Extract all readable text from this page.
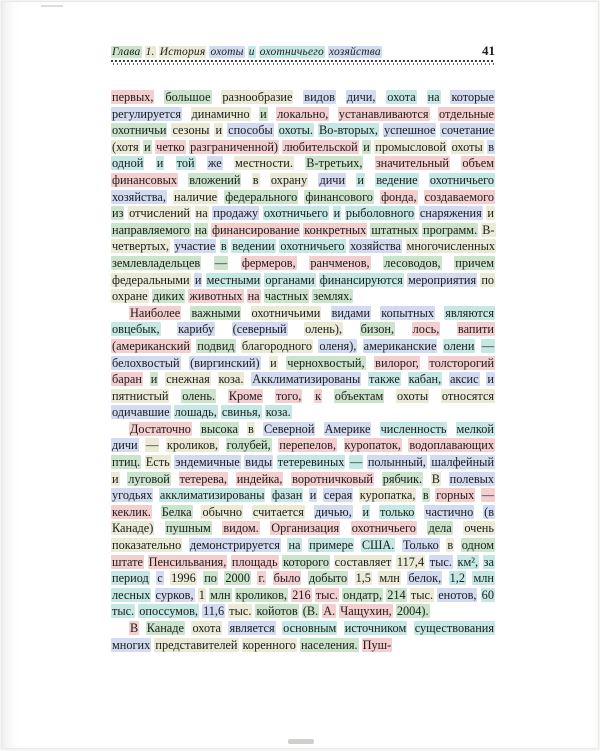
Глава 1. История охоты и охотничьего хозяйства	41

первых, большое разнообразие видов дичи, охота на которые регулируется динамично и локально, устанавливаются отдельные охотничьи сезоны и способы охоты. Во-вторых, успешное сочетание (хотя и четко разграниченной) любительской и промысловой охоты в одной и той же местности. В-третьих, значительный объем финансовых вложений в охрану дичи и ведение охотничьего хозяйства, наличие федерального финансового фонда, создаваемого из отчислений на продажу охотничьего и рыболовного снаряжения и направляемого на финансирование конкретных штатных программ. В-четвертых, участие в ведении охотничьего хозяйства многочисленных землевладельцев — фермеров, ранчменов, лесоводов, причем федеральными и местными органами финансируются мероприятия по охране диких животных на частных землях.

Наиболее важными охотничьими видами копытных являются овцебык, карибу (северный олень), бизон, лось, вапити (американский подвид благородного оленя), американские олени — белохвостый (виргинский) и чернохвостый, вилорог, толсторогий баран и снежная коза. Акклиматизированы также кабан, аксис и пятнистый олень. Кроме того, к объектам охоты относятся одичавшие лошадь, свинья, коза.

Достаточно высока в Северной Америке численность мелкой дичи — кроликов, голубей, перепелов, куропаток, водоплавающих птиц. Есть эндемичные виды тетеревиных — полынный, шалфейный и луговой тетерева, индейка, воротничковый рябчик. В полевых угодьях акклиматизированы фазан и серая куропатка, в горных — кеклик. Белка обычно считается дичью, и только частично (в Канаде) пушным видом. Организация охотничьего дела очень показательно демонстрируется на примере США. Только в одном штате Пенсильвания, площадь которого составляет 117,4 тыс. км², за период с 1996 по 2000 г. было добыто 1,5 млн белок, 1,2 млн лесных сурков, 1 млн кроликов, 216 тыс. ондатр, 214 тыс. енотов, 60 тыс. опоссумов, 11,6 тыс. койотов (В. А. Чащухин, 2004).

В Канаде охота является основным источником существования многих представителей коренного населения. Пуш-
